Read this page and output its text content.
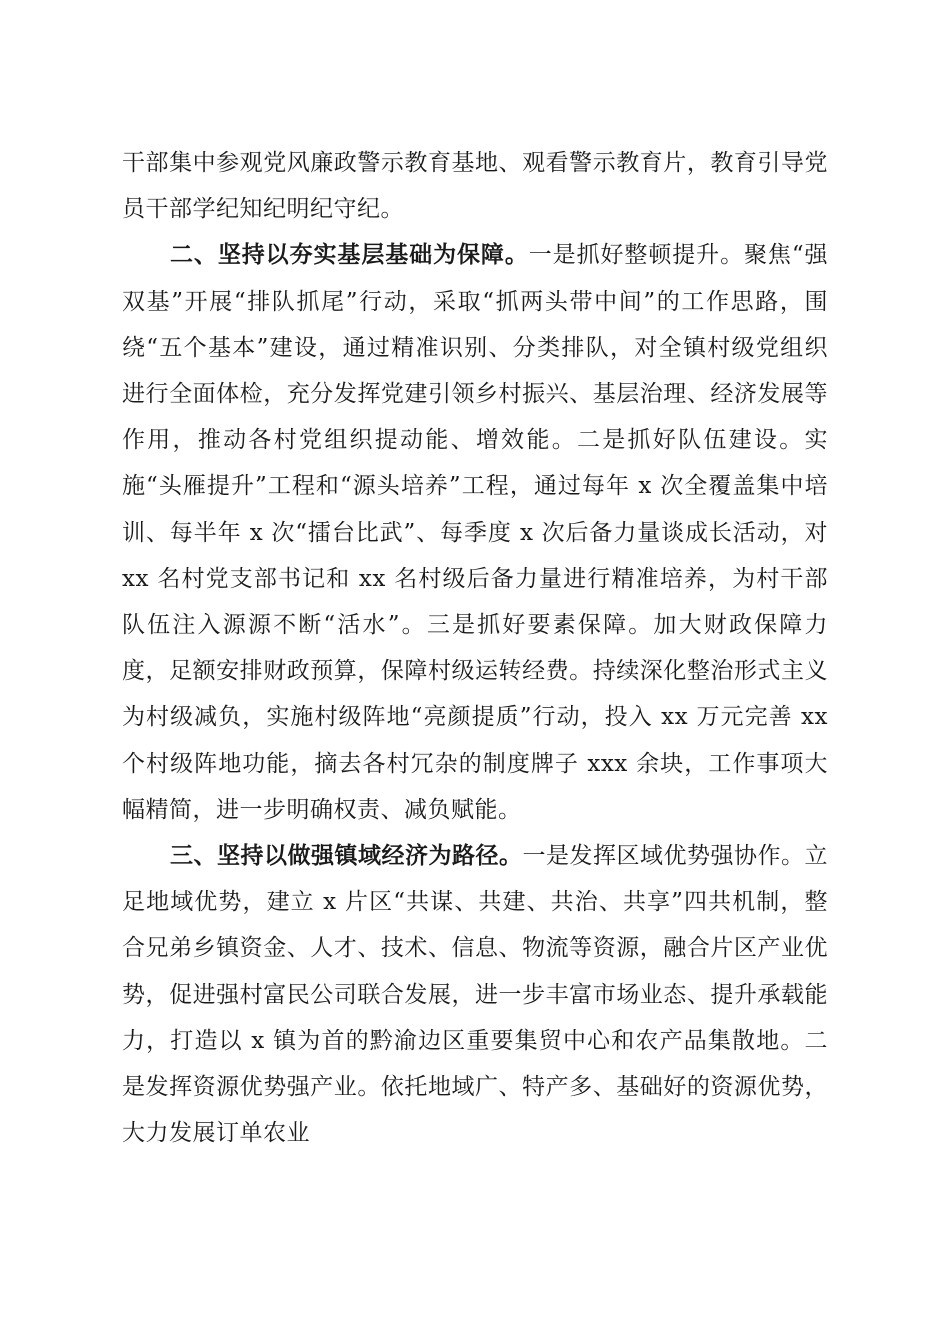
干部集中参观党风廉政警示教育基地、观看警示教育片，教育引导党员干部学纪知纪明纪守纪。

二、坚持以夯实基层基础为保障。一是抓好整顿提升。聚焦“强双基”开展“排队抓尾”行动，采取“抓两头带中间”的工作思路，围绕“五个基本”建设，通过精准识别、分类排队，对全镇村级党组织进行全面体检，充分发挥党建引领乡村振兴、基层治理、经济发展等作用，推动各村党组织提动能、增效能。二是抓好队伍建设。实施“头雁提升”工程和“源头培养”工程，通过每年 x 次全覆盖集中培训、每半年 x 次“擂台比武”、每季度 x 次后备力量谈成长活动，对 xx 名村党支部书记和 xx 名村级后备力量进行精准培养，为村干部队伍注入源源不断“活水”。三是抓好要素保障。加大财政保障力度，足额安排财政预算，保障村级运转经费。持续深化整治形式主义为村级减负，实施村级阵地“亮颜提质”行动，投入 xx 万元完善 xx 个村级阵地功能，摘去各村冗杂的制度牌子 xxx 余块，工作事项大幅精简，进一步明确权责、减负赋能。

三、坚持以做强镇域经济为路径。一是发挥区域优势强协作。立足地域优势，建立 x 片区“共谋、共建、共治、共享”四共机制，整合兄弟乡镇资金、人才、技术、信息、物流等资源，融合片区产业优势，促进强村富民公司联合发展，进一步丰富市场业态、提升承载能力，打造以 x 镇为首的黔渝边区重要集贸中心和农产品集散地。二是发挥资源优势强产业。依托地域广、特产多、基础好的资源优势，大力发展订单农业
